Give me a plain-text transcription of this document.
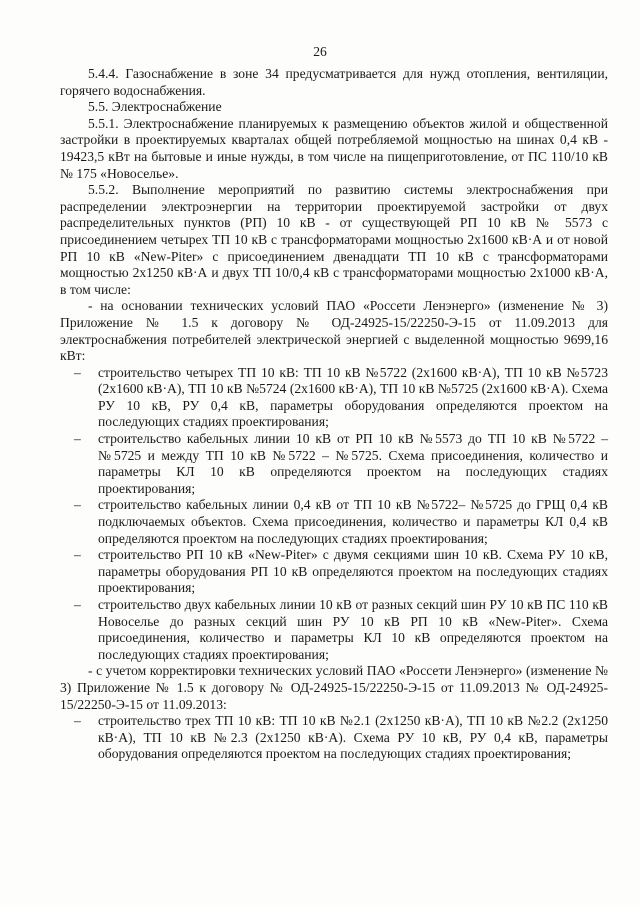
26

5.4.4. Газоснабжение в зоне 34 предусматривается для нужд отопления, вентиляции, горячего водоснабжения.

5.5. Электроснабжение

5.5.1. Электроснабжение планируемых к размещению объектов жилой и общественной застройки в проектируемых кварталах общей потребляемой мощностью на шинах 0,4 кВ - 19423,5 кВт на бытовые и иные нужды, в том числе на пищеприготовление, от ПС 110/10 кВ № 175 «Новоселье».

5.5.2. Выполнение мероприятий по развитию системы электроснабжения при распределении электроэнергии на территории проектируемой застройки от двух распределительных пунктов (РП) 10 кВ - от существующей РП 10 кВ № 5573 с присоединением четырех ТП 10 кВ с трансформаторами мощностью 2х1600 кВ·А и от новой РП 10 кВ «New-Piter» с присоединением двенадцати ТП 10 кВ с трансформаторами мощностью 2х1250 кВ·А и двух ТП 10/0,4 кВ с трансформаторами мощностью 2х1000 кВ·А, в том числе:

- на основании технических условий ПАО «Россети Ленэнерго» (изменение № 3) Приложение № 1.5 к договору № ОД-24925-15/22250-Э-15 от 11.09.2013 для электроснабжения потребителей электрической энергией с выделенной мощностью 9699,16 кВт:

– строительство четырех ТП 10 кВ: ТП 10 кВ №5722 (2х1600 кВ·А), ТП 10 кВ №5723 (2х1600 кВ·А), ТП 10 кВ №5724 (2х1600 кВ·А), ТП 10 кВ №5725 (2х1600 кВ·А). Схема РУ 10 кВ, РУ 0,4 кВ, параметры оборудования определяются проектом на последующих стадиях проектирования;
– строительство кабельных линии 10 кВ от РП 10 кВ №5573 до ТП 10 кВ №5722 – №5725 и между ТП 10 кВ №5722 – №5725. Схема присоединения, количество и параметры КЛ 10 кВ определяются проектом на последующих стадиях проектирования;
– строительство кабельных линии 0,4 кВ от ТП 10 кВ №5722– №5725 до ГРЩ 0,4 кВ подключаемых объектов. Схема присоединения, количество и параметры КЛ 0,4 кВ определяются проектом на последующих стадиях проектирования;
– строительство РП 10 кВ «New-Piter» с двумя секциями шин 10 кВ. Схема РУ 10 кВ, параметры оборудования РП 10 кВ определяются проектом на последующих стадиях проектирования;
– строительство двух кабельных линии 10 кВ от разных секций шин РУ 10 кВ ПС 110 кВ Новоселье до разных секций шин РУ 10 кВ РП 10 кВ «New-Piter». Схема присоединения, количество и параметры КЛ 10 кВ определяются проектом на последующих стадиях проектирования;

- с учетом корректировки технических условий ПАО «Россети Ленэнерго» (изменение № 3) Приложение № 1.5 к договору № ОД-24925-15/22250-Э-15 от 11.09.2013 № ОД-24925-15/22250-Э-15 от 11.09.2013:

– строительство трех ТП 10 кВ: ТП 10 кВ №2.1 (2х1250 кВ·А), ТП 10 кВ №2.2 (2х1250 кВ·А), ТП 10 кВ №2.3 (2х1250 кВ·А). Схема РУ 10 кВ, РУ 0,4 кВ, параметры оборудования определяются проектом на последующих стадиях проектирования;
